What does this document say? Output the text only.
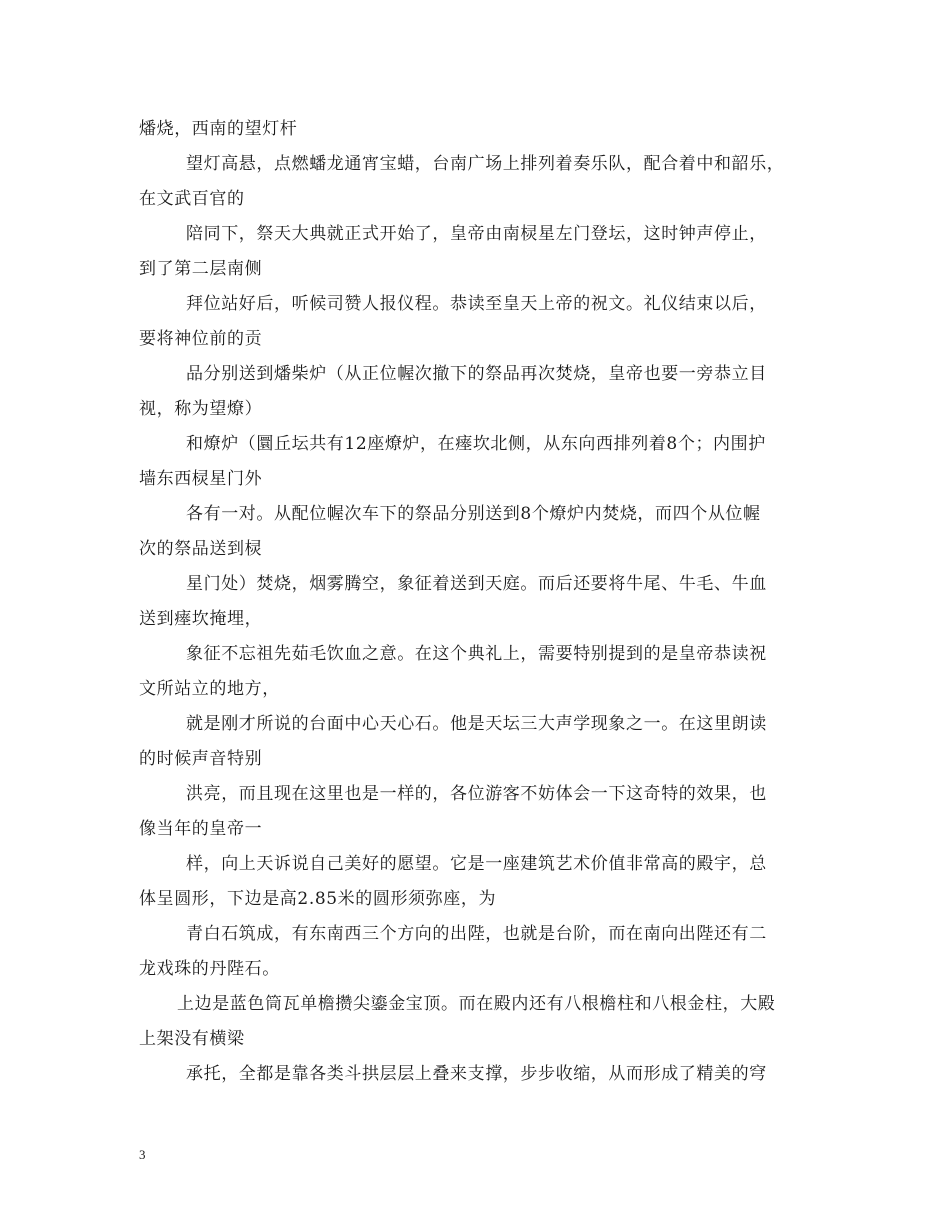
燔烧，西南的望灯杆
望灯高悬，点燃蟠龙通宵宝蜡，台南广场上排列着奏乐队，配合着中和韶乐，
在文武百官的
陪同下，祭天大典就正式开始了，皇帝由南棂星左门登坛，这时钟声停止，
到了第二层南侧
拜位站好后，听候司赞人报仪程。恭读至皇天上帝的祝文。礼仪结束以后，
要将神位前的贡
品分别送到燔柴炉（从正位幄次撤下的祭品再次焚烧，皇帝也要一旁恭立目
视，称为望燎）
和燎炉（圜丘坛共有12座燎炉，在瘗坎北侧，从东向西排列着8个；内围护
墙东西棂星门外
各有一对。从配位幄次车下的祭品分别送到8个燎炉内焚烧，而四个从位幄
次的祭品送到棂
星门处）焚烧，烟雾腾空，象征着送到天庭。而后还要将牛尾、牛毛、牛血
送到瘗坎掩埋，
象征不忘祖先茹毛饮血之意。在这个典礼上，需要特别提到的是皇帝恭读祝
文所站立的地方，
就是刚才所说的台面中心天心石。他是天坛三大声学现象之一。在这里朗读
的时候声音特别
洪亮，而且现在这里也是一样的，各位游客不妨体会一下这奇特的效果，也
像当年的皇帝一
样，向上天诉说自己美好的愿望。它是一座建筑艺术价值非常高的殿宇，总
体呈圆形，下边是高2.85米的圆形须弥座，为
青白石筑成，有东南西三个方向的出陛，也就是台阶，而在南向出陛还有二
龙戏珠的丹陛石。
上边是蓝色筒瓦单檐攒尖鎏金宝顶。而在殿内还有八根檐柱和八根金柱，大殿
上架没有横梁
承托，全都是靠各类斗拱层层上叠来支撑，步步收缩，从而形成了精美的穹
3
